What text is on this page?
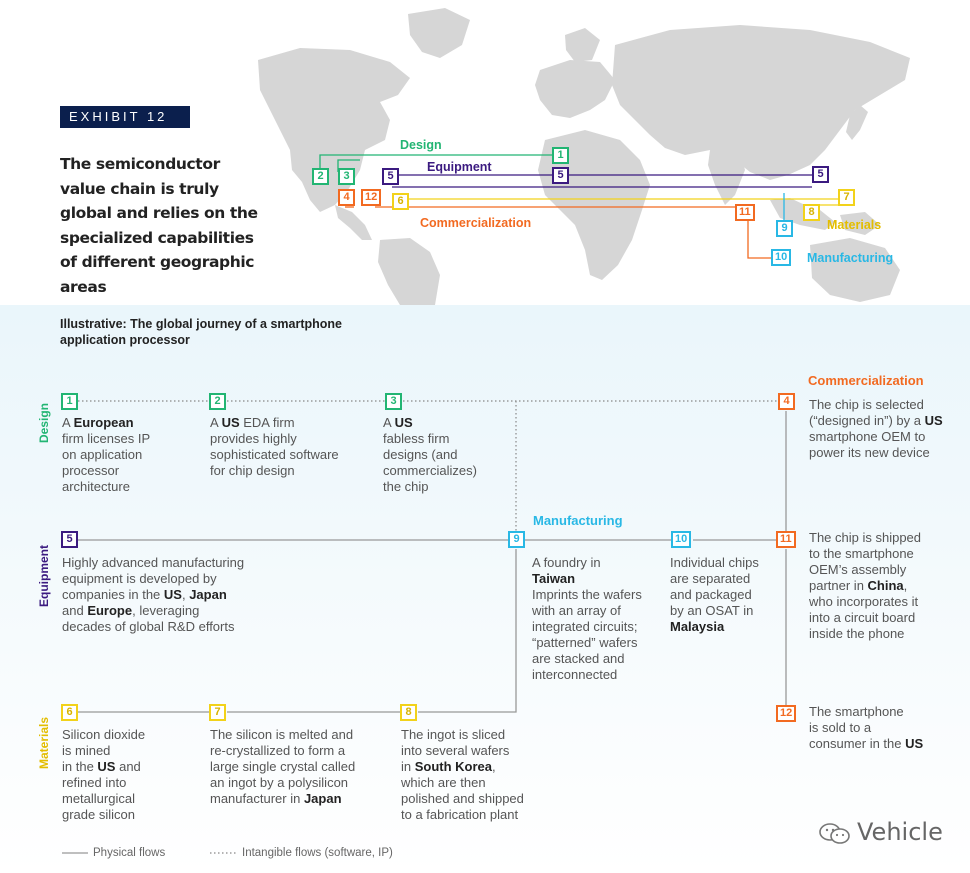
EXHIBIT 12
The semiconductor value chain is truly global and relies on the specialized capabilities of different geographic areas
Design
Equipment
Commercialization	Materials
Manufacturing
1
2	3	5	5	5
4	12	6
11
7
8
9
10
Illustrative: The global journey of a smartphone application processor
Design
Equipment
Materials
Commercialization
Manufacturing
1	2	3	4
5
6	7	8
9	10	11
12
A European
firm licenses IP
on application
processor
architecture
A US EDA firm
provides highly
sophisticated software
for chip design
A US
fabless firm
designs (and
commercializes)
the chip
The chip is selected
(“designed in”) by a US
smartphone OEM to
power its new device
Highly advanced manufacturing
equipment is developed by
companies in the US, Japan
and Europe, leveraging
decades of global R&D efforts
Silicon dioxide
is mined
in the US and
refined into
metallurgical
grade silicon
The silicon is melted and
re-crystallized to form a
large single crystal called
an ingot by a polysilicon
manufacturer in Japan
The ingot is sliced
into several wafers
in South Korea,
which are then
polished and shipped
to a fabrication plant
A foundry in
Taiwan
Imprints the wafers
with an array of
integrated circuits;
“patterned” wafers
are stacked and
interconnected
Individual chips
are separated
and packaged
by an OSAT in
Malaysia
The chip is shipped
to the smartphone
OEM’s assembly
partner in China,
who incorporates it
into a circuit board
inside the phone
The smartphone
is sold to a
consumer in the US
Physical flows	Intangible flows (software, IP)
Vehicle
